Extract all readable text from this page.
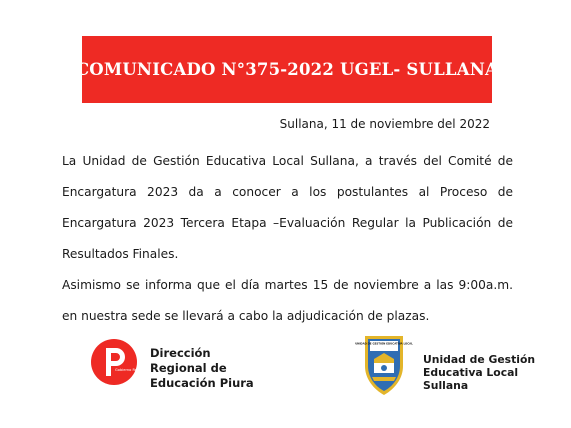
COMUNICADO N°375-2022 UGEL- SULLANA
Sullana, 11 de noviembre del 2022

La Unidad de Gestión Educativa Local Sullana, a través del Comité de Encargatura 2023 da a conocer a los postulantes al Proceso de Encargatura 2023 Tercera Etapa –Evaluación Regular la Publicación de Resultados Finales.

Asimismo se informa que el día martes 15 de noviembre a las 9:00a.m. en nuestra sede se llevará a cabo la adjudicación de plazas.

Gobierno Regional Piura
Dirección
Regional de
Educación Piura
UNIDAD DE GESTIÓN EDUCATIVA LOCAL
Unidad de Gestión
Educativa Local
Sullana
